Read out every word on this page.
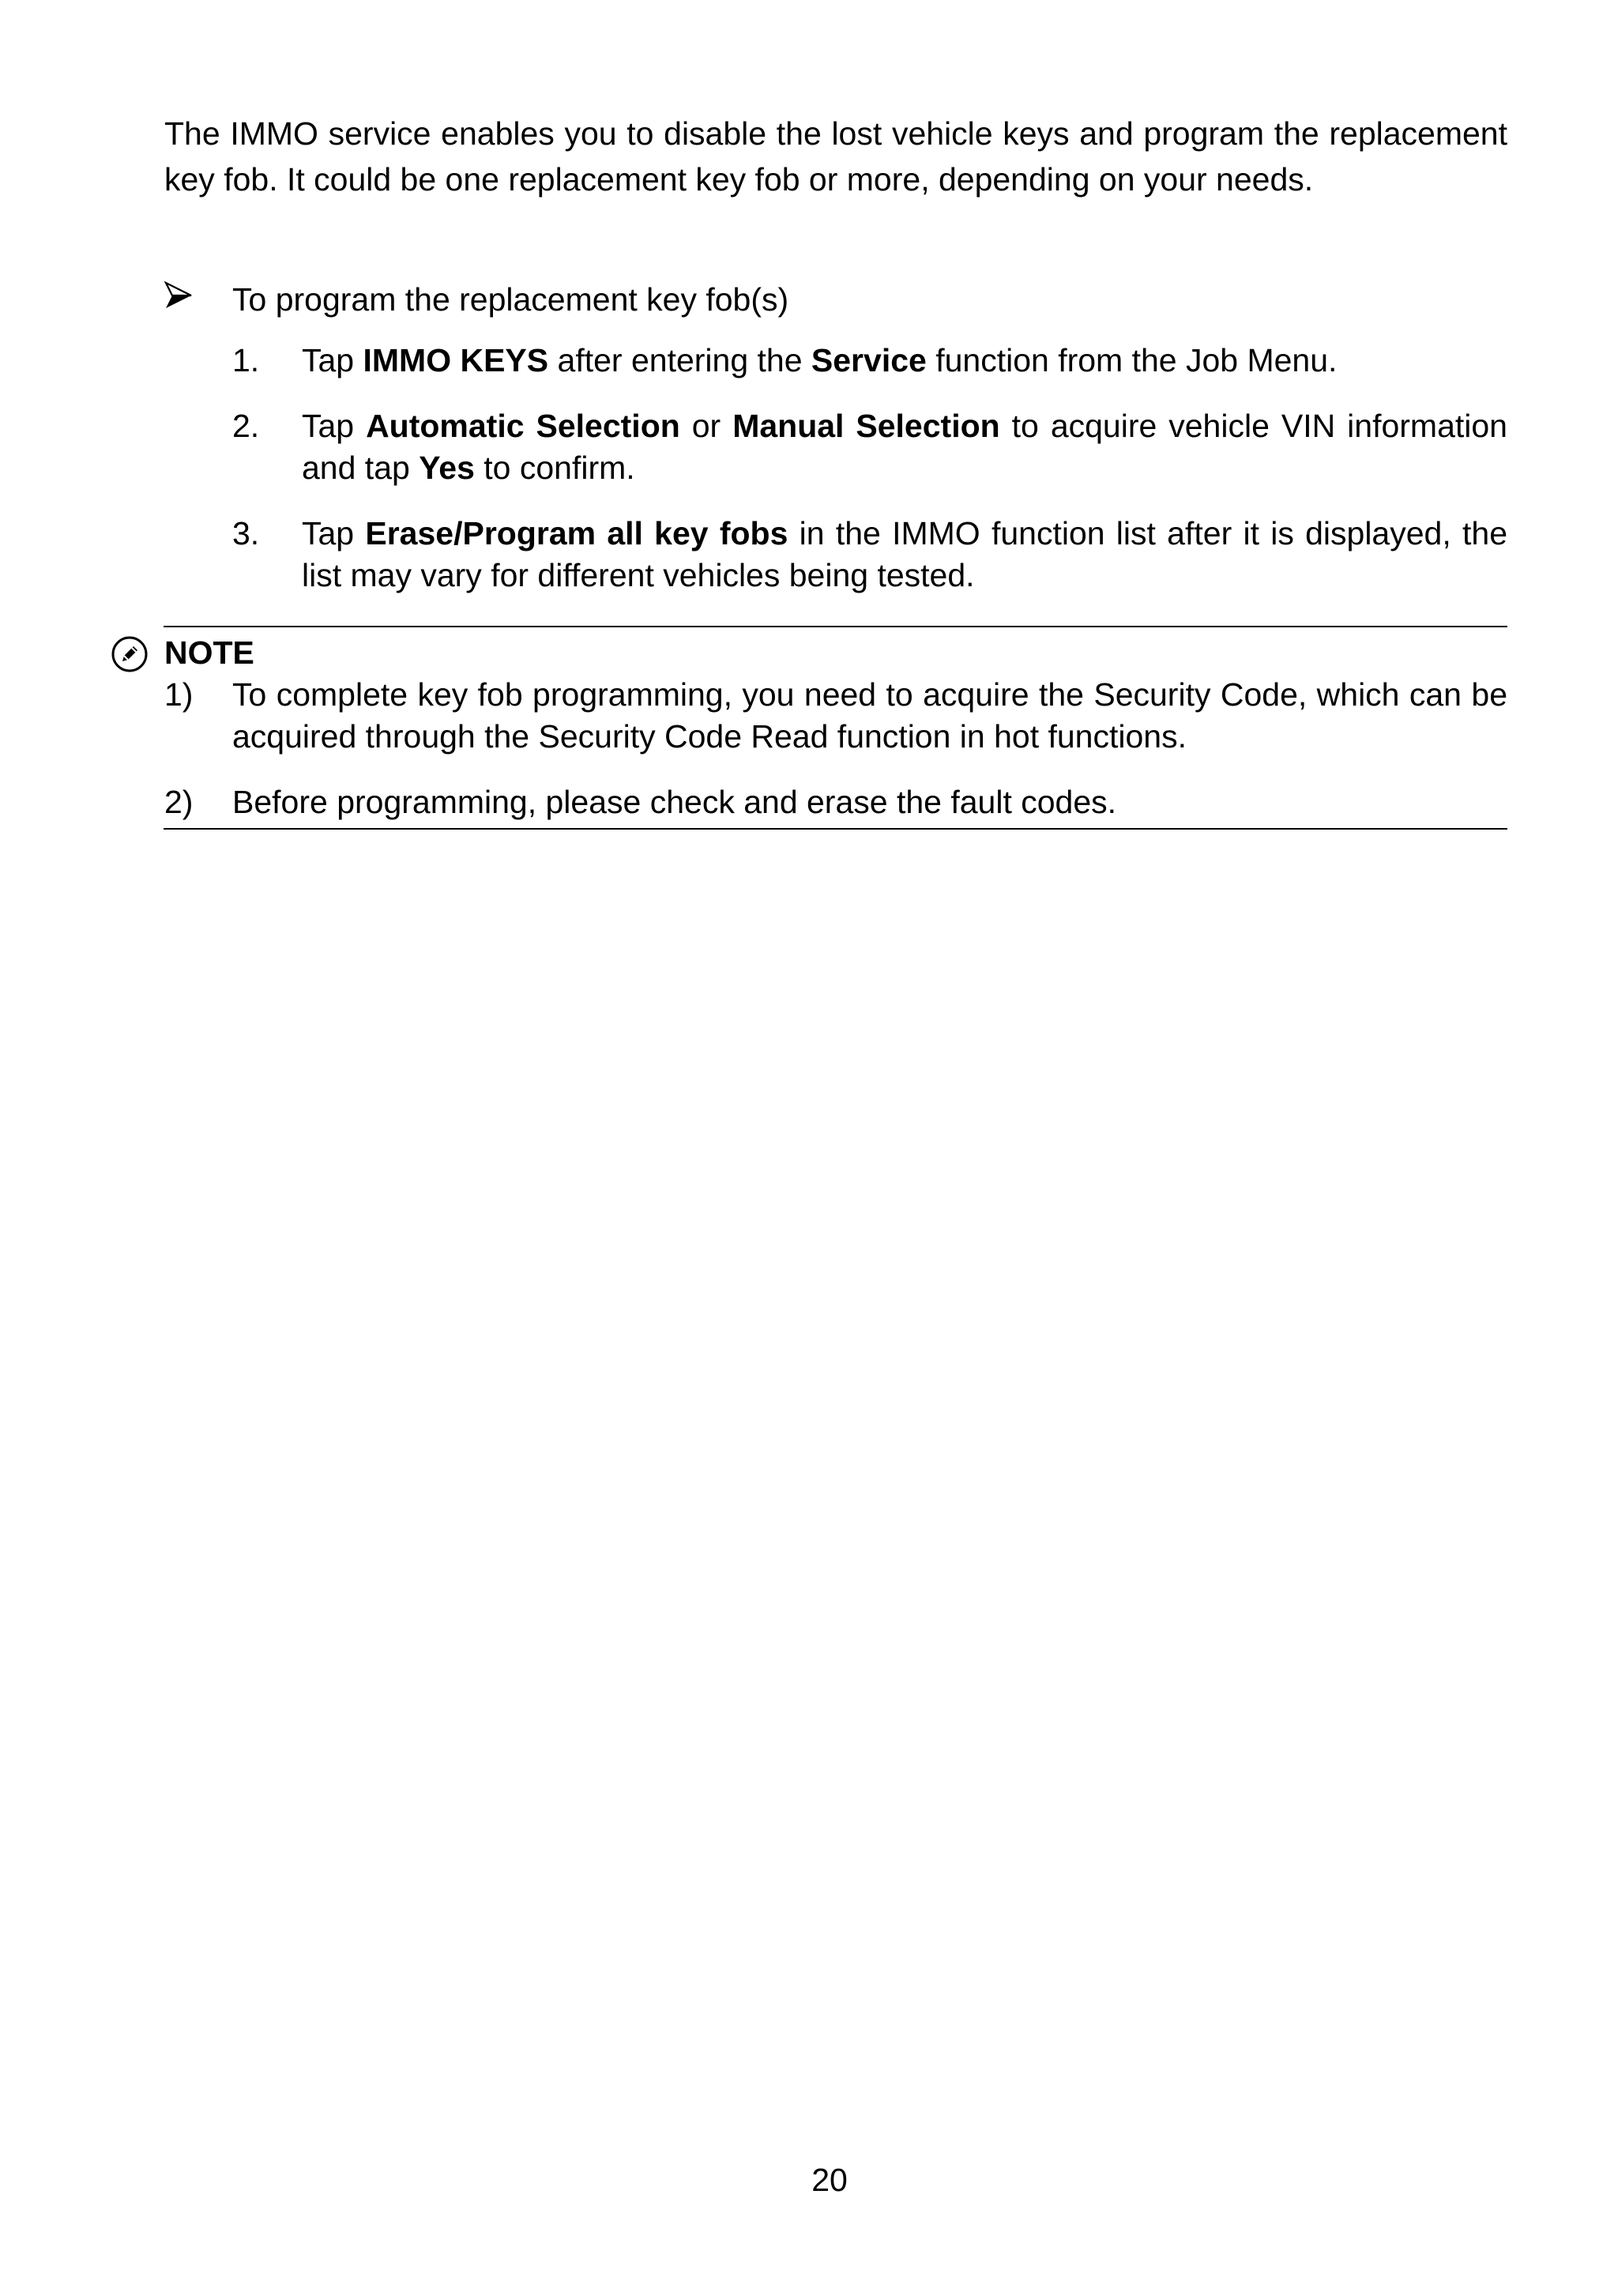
The IMMO service enables you to disable the lost vehicle keys and program the replacement key fob. It could be one replacement key fob or more, depending on your needs.

To program the replacement key fob(s)
1. Tap IMMO KEYS after entering the Service function from the Job Menu.
2. Tap Automatic Selection or Manual Selection to acquire vehicle VIN information and tap Yes to confirm.
3. Tap Erase/Program all key fobs in the IMMO function list after it is displayed, the list may vary for different vehicles being tested.
NOTE
1) To complete key fob programming, you need to acquire the Security Code, which can be acquired through the Security Code Read function in hot functions.
2) Before programming, please check and erase the fault codes.
20
